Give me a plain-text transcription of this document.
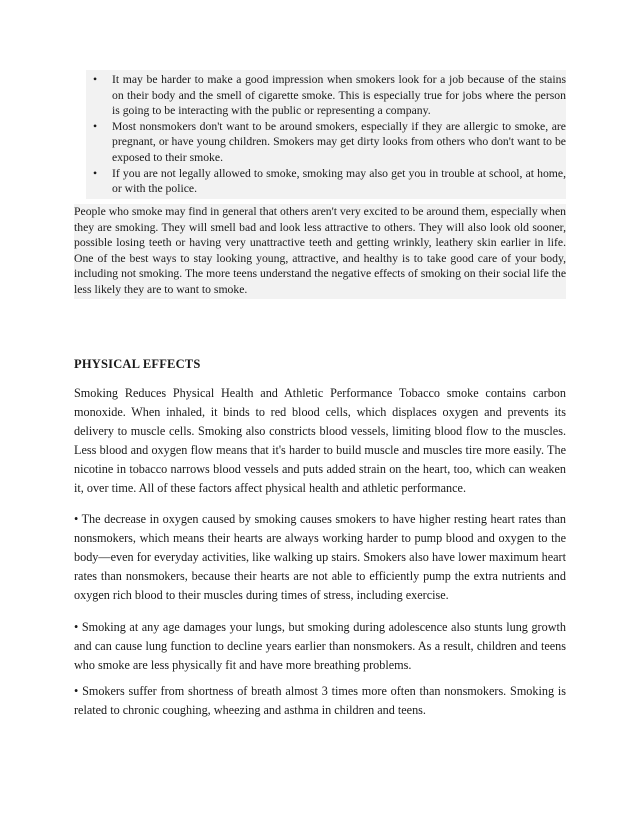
• It may be harder to make a good impression when smokers look for a job because of the stains on their body and the smell of cigarette smoke. This is especially true for jobs where the person is going to be interacting with the public or representing a company.
• Most nonsmokers don't want to be around smokers, especially if they are allergic to smoke, are pregnant, or have young children. Smokers may get dirty looks from others who don't want to be exposed to their smoke.
• If you are not legally allowed to smoke, smoking may also get you in trouble at school, at home, or with the police.
People who smoke may find in general that others aren't very excited to be around them, especially when they are smoking. They will smell bad and look less attractive to others. They will also look old sooner, possible losing teeth or having very unattractive teeth and getting wrinkly, leathery skin earlier in life. One of the best ways to stay looking young, attractive, and healthy is to take good care of your body, including not smoking. The more teens understand the negative effects of smoking on their social life the less likely they are to want to smoke.
PHYSICAL EFFECTS
Smoking Reduces Physical Health and Athletic Performance Tobacco smoke contains carbon monoxide. When inhaled, it binds to red blood cells, which displaces oxygen and prevents its delivery to muscle cells. Smoking also constricts blood vessels, limiting blood flow to the muscles. Less blood and oxygen flow means that it's harder to build muscle and muscles tire more easily. The nicotine in tobacco narrows blood vessels and puts added strain on the heart, too, which can weaken it, over time. All of these factors affect physical health and athletic performance.
• The decrease in oxygen caused by smoking causes smokers to have higher resting heart rates than nonsmokers, which means their hearts are always working harder to pump blood and oxygen to the body—even for everyday activities, like walking up stairs. Smokers also have lower maximum heart rates than nonsmokers, because their hearts are not able to efficiently pump the extra nutrients and oxygen rich blood to their muscles during times of stress, including exercise.
• Smoking at any age damages your lungs, but smoking during adolescence also stunts lung growth and can cause lung function to decline years earlier than nonsmokers. As a result, children and teens who smoke are less physically fit and have more breathing problems.
• Smokers suffer from shortness of breath almost 3 times more often than nonsmokers. Smoking is related to chronic coughing, wheezing and asthma in children and teens.
